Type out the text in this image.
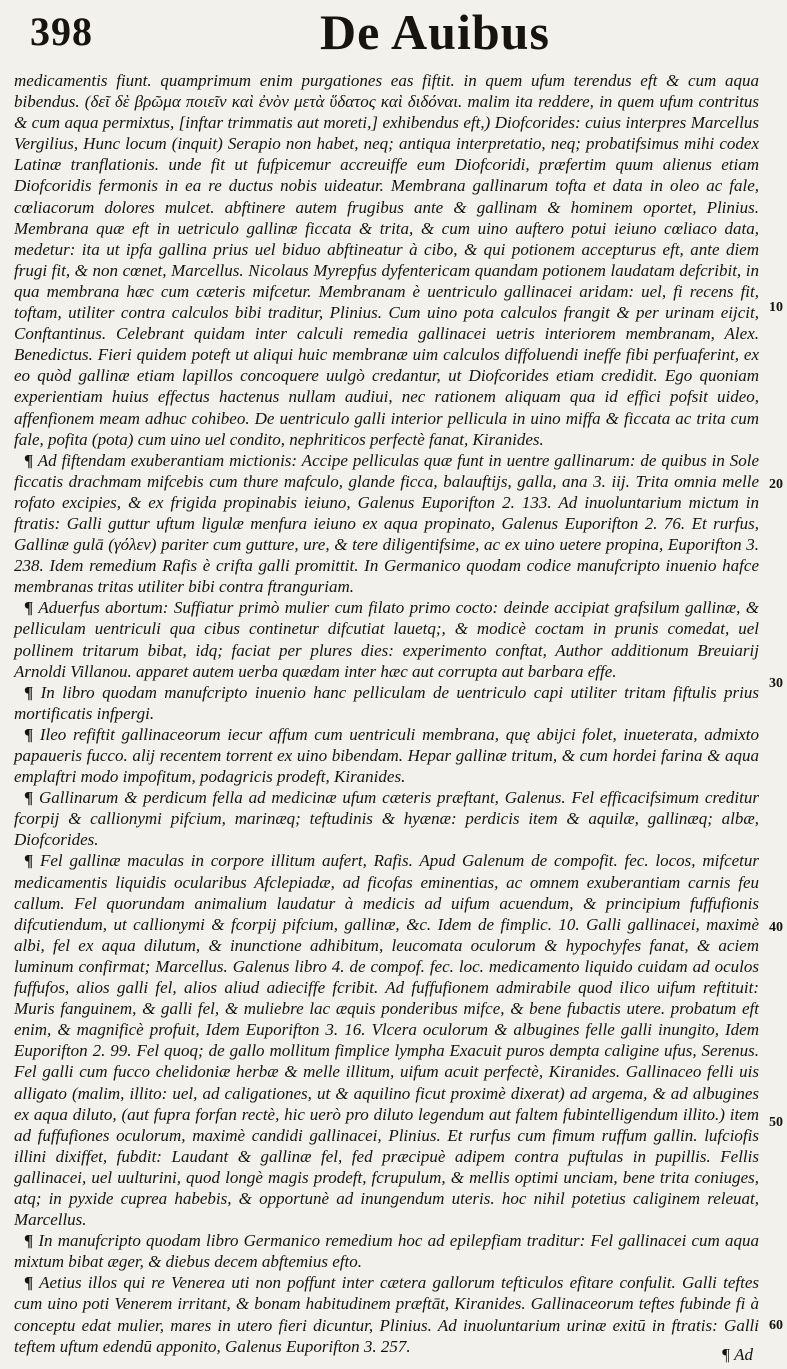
398	De Auibus

medicamentis fiunt. quamprimum enim purgationes eas fiftit. in quem ufum terendus eft & cum aqua bibendus. (δεῖ δὲ βρῶμα ποιεῖν καὶ ἐνὸν μετὰ ὕδατος καὶ διδόναι. malim ita reddere, in quem ufum contritus & cum aqua permixtus, [inftar trimmatis aut moreti,] exhibendus eft,) Diofcorides: cuius interpres Marcellus Vergilius, Hunc locum (inquit) Serapio non habet, neq; antiqua interpretatio, neq; probatifsimus mihi codex Latinæ tranflationis. unde fit ut fufpicemur accreuiffe eum Diofcoridi, præfertim quum alienus etiam Diofcoridis fermonis in ea re ductus nobis uideatur. Membrana gallinarum tofta et data in oleo ac fale, cœliacorum dolores mulcet. abftinere autem frugibus ante & gallinam & hominem oportet, Plinius. Membrana quæ eft in uetriculo gallinæ ficcata & trita, & cum uino auftero potui ieiuno cœliaco data, medetur: ita ut ipfa gallina prius uel biduo abftineatur à cibo, & qui potionem accepturus eft, ante diem frugi fit, & non cœnet, Marcellus. Nicolaus Myrepfus dyfentericam quandam potionem laudatam defcribit, in qua membrana hæc cum cæteris mifcetur. Membranam è uentriculo gallinacei aridam: uel, fi recens fit, toftam, utiliter contra calculos bibi traditur, Plinius. Cum uino pota calculos frangit & per urinam eijcit, Conftantinus. Celebrant quidam inter calculi remedia gallinacei uetris interiorem membranam, Alex. Benedictus. Fieri quidem poteft ut aliqui huic membranæ uim calculos diffoluendi ineffe fibi perfuaferint, ex eo quòd gallinæ etiam lapillos concoquere uulgò credantur, ut Diofcorides etiam credidit. Ego quoniam experientiam huius effectus hactenus nullam audiui, nec rationem aliquam qua id effici pofsit uideo, affenfionem meam adhuc cohibeo. De uentriculo galli interior pellicula in uino miffa & ficcata ac trita cum fale, pofita (pota) cum uino uel condito, nephriticos perfectè fanat, Kiranides.

¶ Ad fiftendam exuberantiam mictionis: Accipe pelliculas quæ funt in uentre gallinarum: de quibus in Sole ficcatis drachmam mifcebis cum thure mafculo, glande ficca, balauftijs, galla, ana 3. iij. Trita omnia melle rofato excipies, & ex frigida propinabis ieiuno, Galenus Euporifton 2. 133. Ad inuoluntarium mictum in ftratis: Galli guttur uftum ligulæ menfura ieiuno ex aqua propinato, Galenus Euporifton 2. 76. Et rurfus, Gallinæ gulā (γόλεν) pariter cum gutture, ure, & tere diligentifsime, ac ex uino uetere propina, Euporifton 3. 238. Idem remedium Rafis è crifta galli promittit. In Germanico quodam codice manufcripto inuenio hafce membranas tritas utiliter bibi contra ftranguriam.

¶ Aduerfus abortum: Suffiatur primò mulier cum filato primo cocto: deinde accipiat grafsilum gallinæ, & pelliculam uentriculi qua cibus continetur difcutiat lauetq;, & modicè coctam in prunis comedat, uel pollinem tritarum bibat, idq; faciat per plures dies: experimento conftat, Author additionum Breuiarij Arnoldi Villanou. apparet autem uerba quædam inter hæc aut corrupta aut barbara effe.

¶ In libro quodam manufcripto inuenio hanc pelliculam de uentriculo capi utiliter tritam fiftulis prius mortificatis infpergi.

¶ Ileo refiftit gallinaceorum iecur affum cum uentriculi membrana, quę abijci folet, inueterata, admixto papaueris fucco. alij recentem torrent ex uino bibendam. Hepar gallinæ tritum, & cum hordei farina & aqua emplaftri modo impofitum, podagricis prodeft, Kiranides.

¶ Gallinarum & perdicum fella ad medicinæ ufum cæteris præftant, Galenus. Fel efficacifsimum creditur fcorpij & callionymi pifcium, marinæq; teftudinis & hyænæ: perdicis item & aquilæ, gallinæq; albæ, Diofcorides.

¶ Fel gallinæ maculas in corpore illitum aufert, Rafis. Apud Galenum de compofit. fec. locos, mifcetur medicamentis liquidis ocularibus Afclepiadæ, ad ficofas eminentias, ac omnem exuberantiam carnis feu callum. Fel quorundam animalium laudatur à medicis ad uifum acuendum, & principium fuffufionis difcutiendum, ut callionymi & fcorpij pifcium, gallinæ, &c. Idem de fimplic. 10. Galli gallinacei, maximè albi, fel ex aqua dilutum, & inunctione adhibitum, leucomata oculorum & hypochyfes fanat, & aciem luminum confirmat; Marcellus. Galenus libro 4. de compof. fec. loc. medicamento liquido cuidam ad oculos fuffufos, alios galli fel, alios aliud adieciffe fcribit. Ad fuffufionem admirabile quod ilico uifum reftituit: Muris fanguinem, & galli fel, & muliebre lac æquis ponderibus mifce, & bene fubactis utere. probatum eft enim, & magnificè profuit, Idem Euporifton 3. 16. Vlcera oculorum & albugines felle galli inungito, Idem Euporifton 2. 99. Fel quoq; de gallo mollitum fimplice lympha Exacuit puros dempta caligine ufus, Serenus. Fel galli cum fucco chelidoniæ herbæ & melle illitum, uifum acuit perfectè, Kiranides. Gallinaceo felli uis alligato (malim, illito: uel, ad caligationes, ut & aquilino ficut proximè dixerat) ad argema, & ad albugines ex aqua diluto, (aut fupra forfan rectè, hic uerò pro diluto legendum aut faltem fubintelligendum illito.) item ad fuffufiones oculorum, maximè candidi gallinacei, Plinius. Et rurfus cum fimum ruffum gallin. lufciofis illini dixiffet, fubdit: Laudant & gallinæ fel, fed præcipuè adipem contra puftulas in pupillis. Fellis gallinacei, uel uulturini, quod longè magis prodeft, fcrupulum, & mellis optimi unciam, bene trita coniuges, atq; in pyxide cuprea habebis, & opportunè ad inungendum uteris. hoc nihil potetius caliginem releuat, Marcellus.

¶ In manufcripto quodam libro Germanico remedium hoc ad epilepfiam traditur: Fel gallinacei cum aqua mixtum bibat æger, & diebus decem abftemius efto.

¶ Aetius illos qui re Venerea uti non poffunt inter cætera gallorum tefticulos efitare confulit. Galli teftes cum uino poti Venerem irritant, & bonam habitudinem præftāt, Kiranides. Gallinaceorum teftes fubinde fi à conceptu edat mulier, mares in utero fieri dicuntur, Plinius. Ad inuoluntarium urinæ exitū in ftratis: Galli teftem uftum edendū apponito, Galenus Euporifton 3. 257.

10
20
30
40
50
60
¶ Ad
